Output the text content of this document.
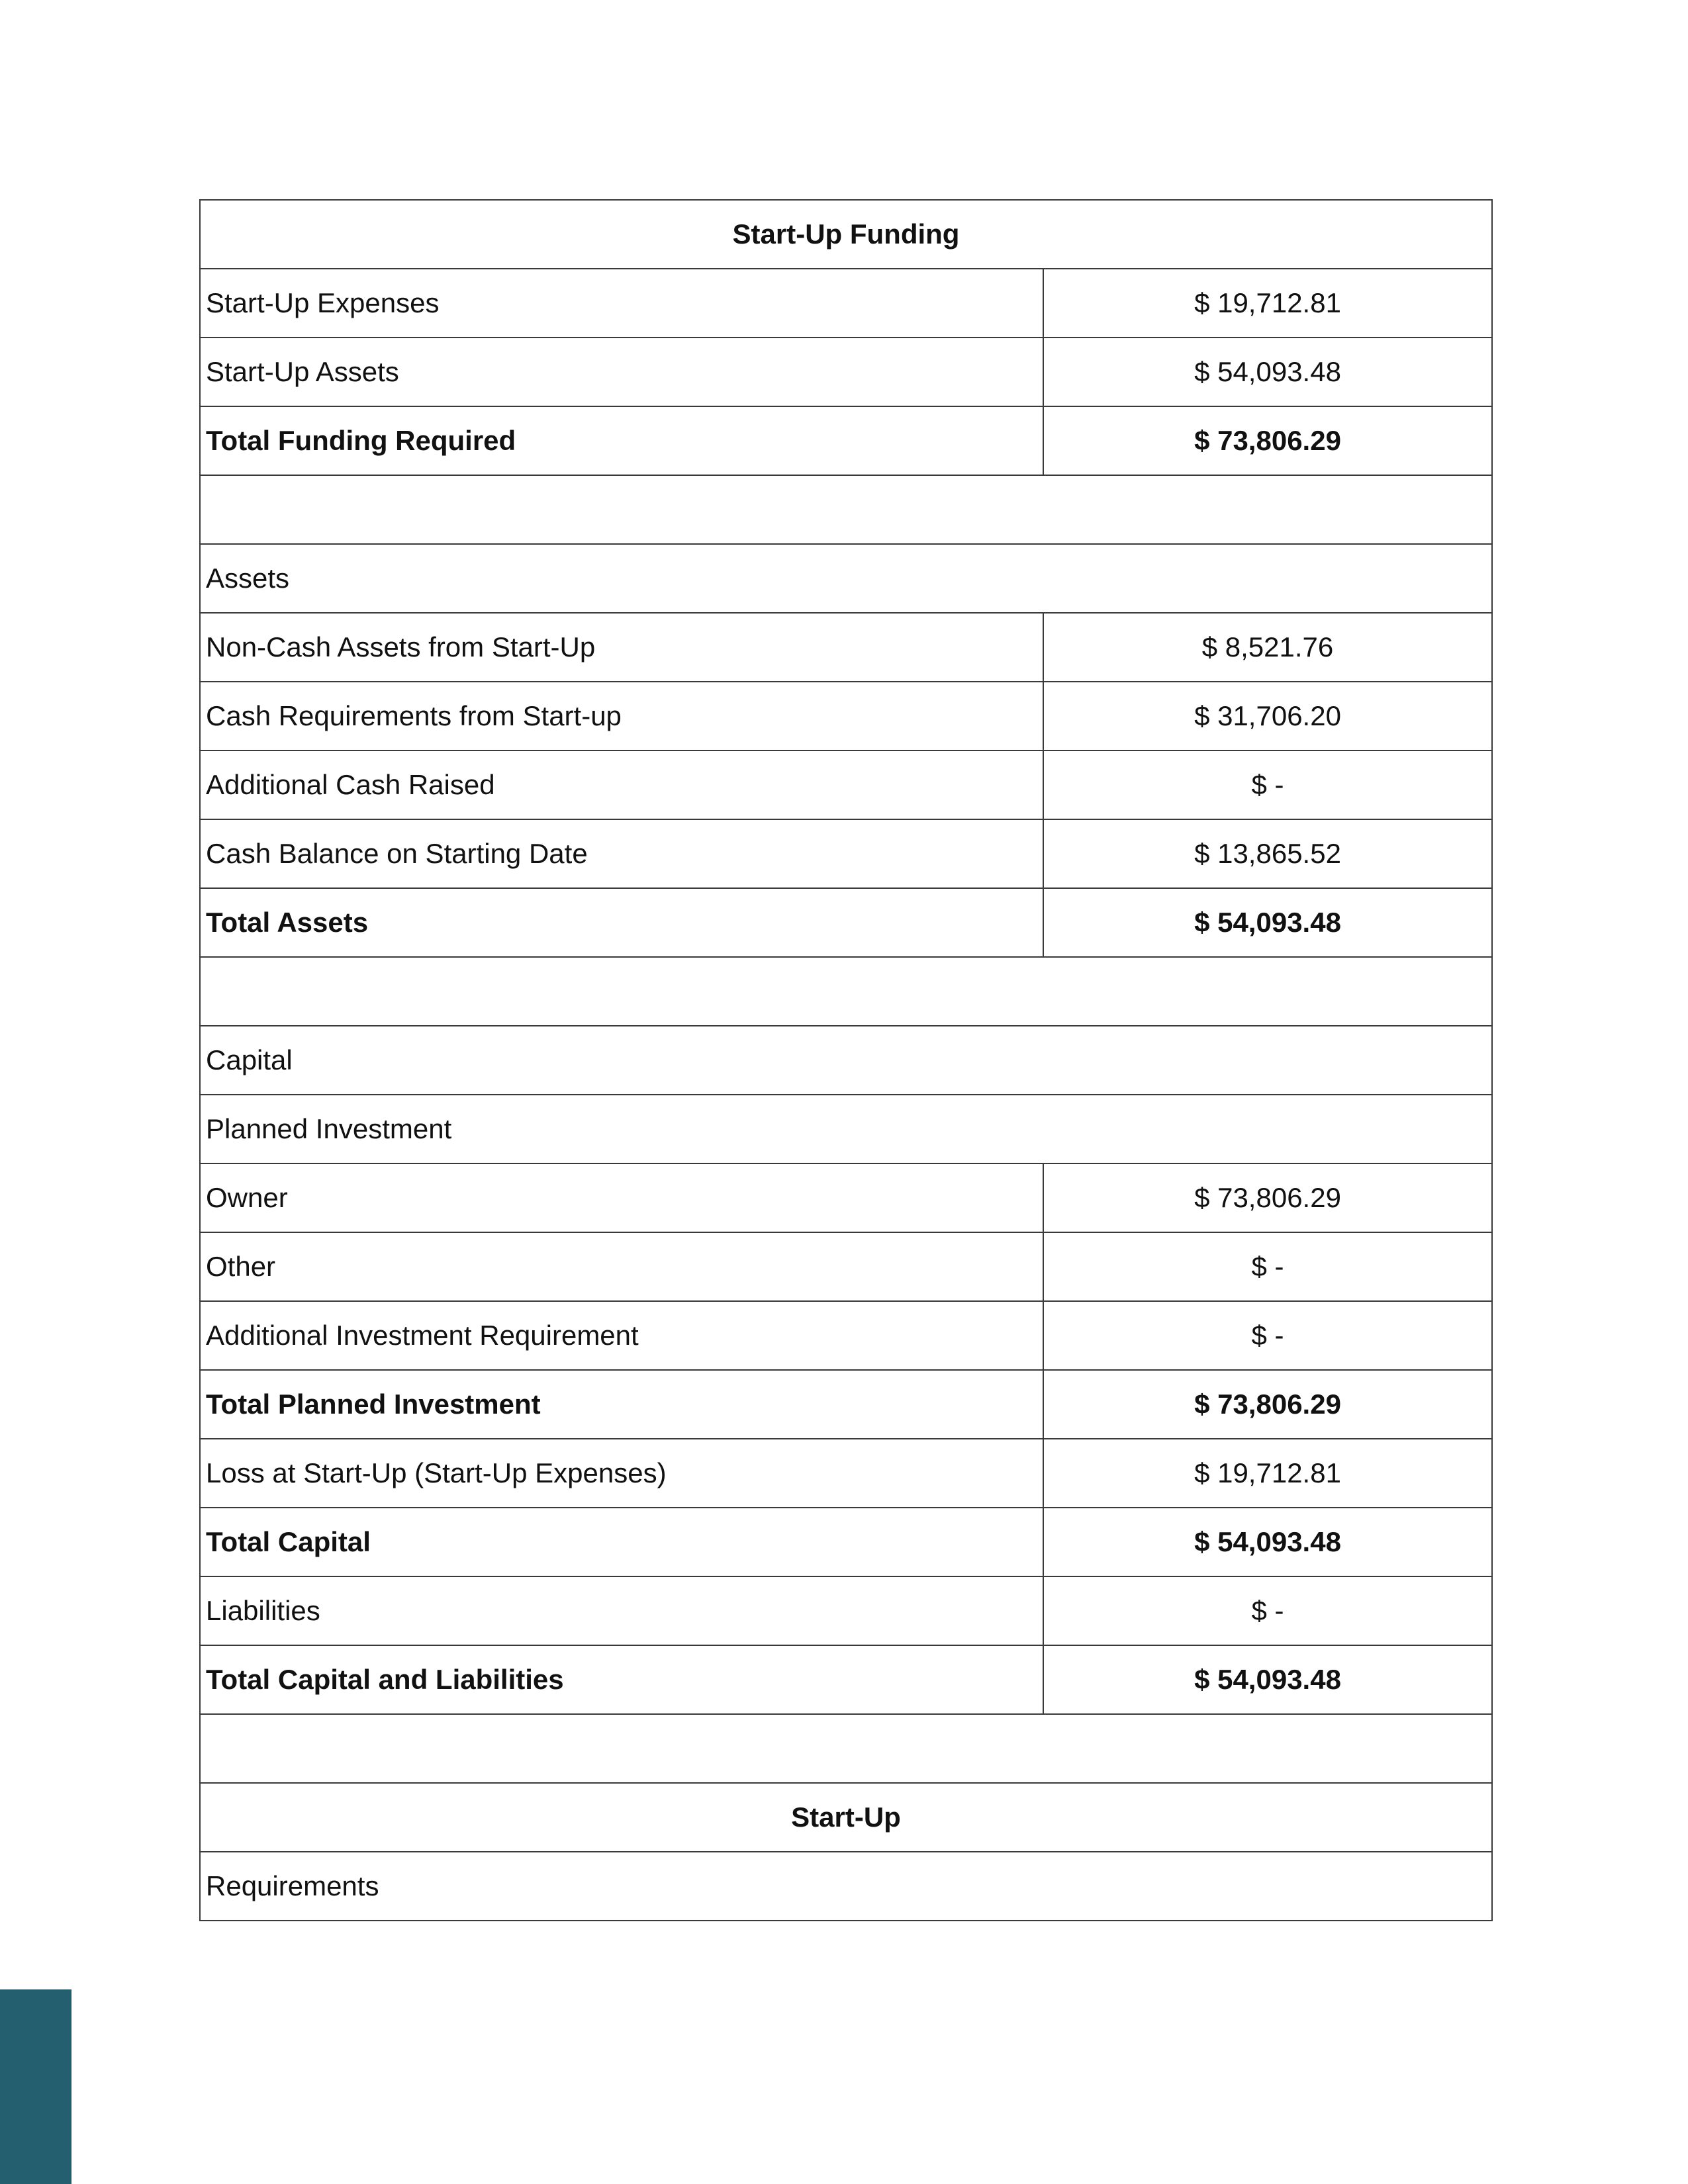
Start-Up Funding	
Start-Up Expenses	$ 19,712.81
Start-Up Assets	$ 54,093.48
Total Funding Required	$ 73,806.29

Assets	
Non-Cash Assets from Start-Up	$ 8,521.76
Cash Requirements from Start-up	$ 31,706.20
Additional Cash Raised	$ -
Cash Balance on Starting Date	$ 13,865.52
Total Assets	$ 54,093.48

Capital	
Planned Investment	
Owner	$ 73,806.29
Other	$ -
Additional Investment Requirement	$ -
Total Planned Investment	$ 73,806.29
Loss at Start-Up (Start-Up Expenses)	$ 19,712.81
Total Capital	$ 54,093.48
Liabilities	$ -
Total Capital and Liabilities	$ 54,093.48

Start-Up	
Requirements	
